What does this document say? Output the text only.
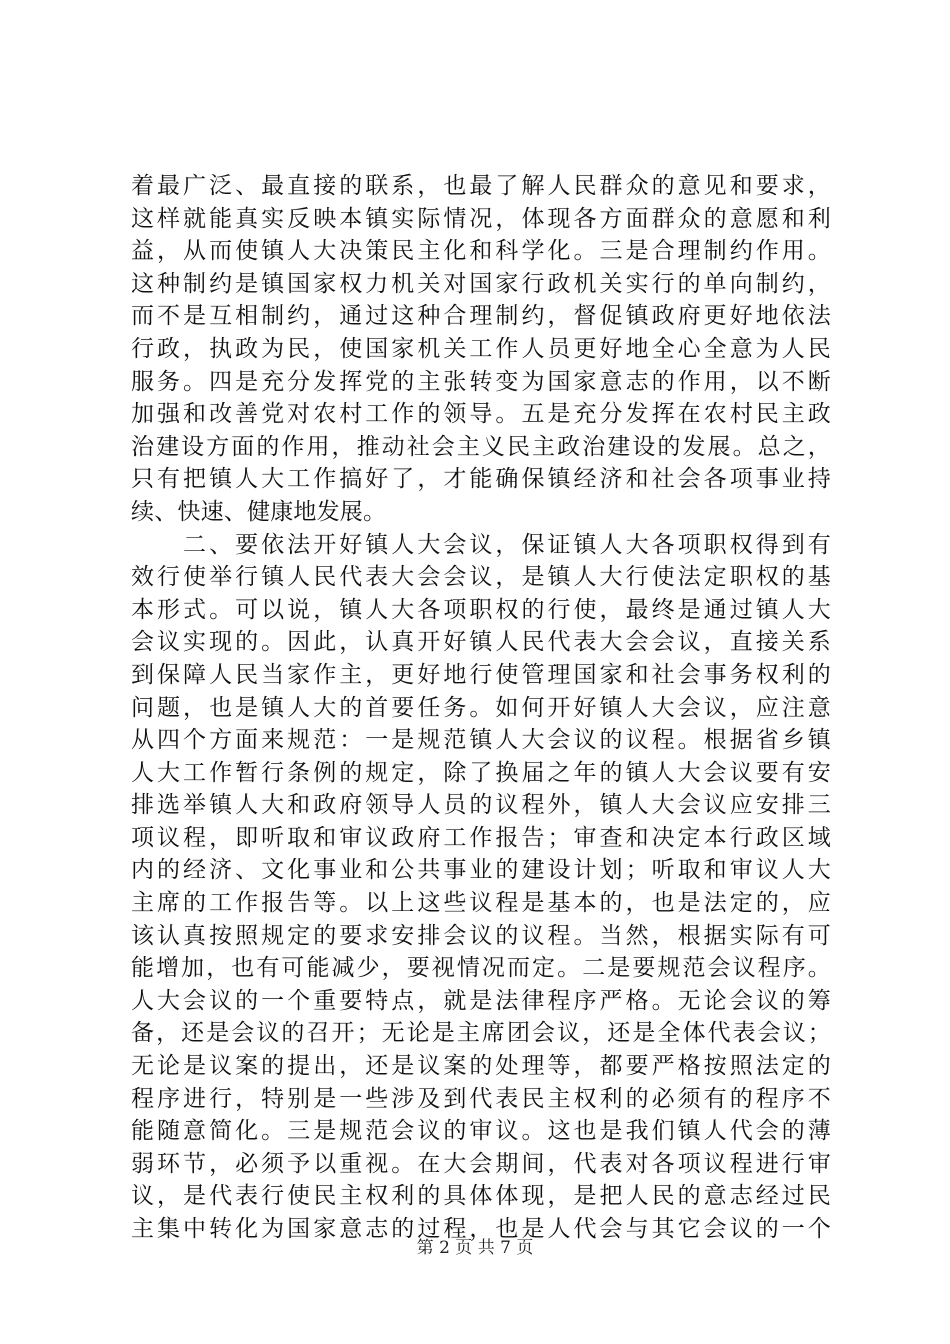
着最广泛、最直接的联系，也最了解人民群众的意见和要求，
这样就能真实反映本镇实际情况，体现各方面群众的意愿和利
益，从而使镇人大决策民主化和科学化。三是合理制约作用。
这种制约是镇国家权力机关对国家行政机关实行的单向制约，
而不是互相制约，通过这种合理制约，督促镇政府更好地依法
行政，执政为民，使国家机关工作人员更好地全心全意为人民
服务。四是充分发挥党的主张转变为国家意志的作用，以不断
加强和改善党对农村工作的领导。五是充分发挥在农村民主政
治建设方面的作用，推动社会主义民主政治建设的发展。总之，
只有把镇人大工作搞好了，才能确保镇经济和社会各项事业持
续、快速、健康地发展。
　　二、要依法开好镇人大会议，保证镇人大各项职权得到有
效行使举行镇人民代表大会会议，是镇人大行使法定职权的基
本形式。可以说，镇人大各项职权的行使，最终是通过镇人大
会议实现的。因此，认真开好镇人民代表大会会议，直接关系
到保障人民当家作主，更好地行使管理国家和社会事务权利的
问题，也是镇人大的首要任务。如何开好镇人大会议，应注意
从四个方面来规范：一是规范镇人大会议的议程。根据省乡镇
人大工作暂行条例的规定，除了换届之年的镇人大会议要有安
排选举镇人大和政府领导人员的议程外，镇人大会议应安排三
项议程，即听取和审议政府工作报告；审查和决定本行政区域
内的经济、文化事业和公共事业的建设计划；听取和审议人大
主席的工作报告等。以上这些议程是基本的，也是法定的，应
该认真按照规定的要求安排会议的议程。当然，根据实际有可
能增加，也有可能减少，要视情况而定。二是要规范会议程序。
人大会议的一个重要特点，就是法律程序严格。无论会议的筹
备，还是会议的召开；无论是主席团会议，还是全体代表会议；
无论是议案的提出，还是议案的处理等，都要严格按照法定的
程序进行，特别是一些涉及到代表民主权利的必须有的程序不
能随意简化。三是规范会议的审议。这也是我们镇人代会的薄
弱环节，必须予以重视。在大会期间，代表对各项议程进行审
议，是代表行使民主权利的具体体现，是把人民的意志经过民
主集中转化为国家意志的过程，也是人代会与其它会议的一个
第 2 页 共 7 页
